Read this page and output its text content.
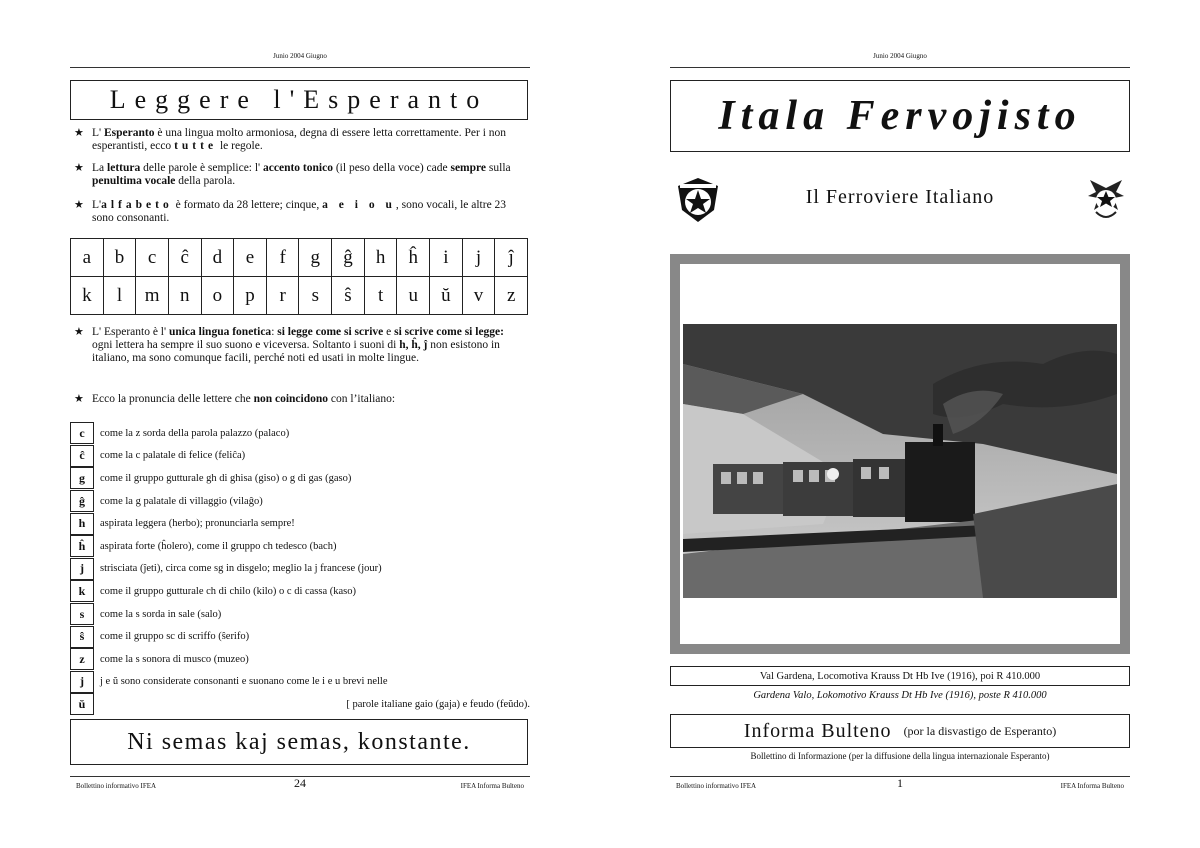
Junio 2004 Giugno
Leggere l'Esperanto
★ L' Esperanto è una lingua molto armoniosa, degna di essere letta correttamente. Per i non esperantisti, ecco tutte le regole.
★ La lettura delle parole è semplice: l' accento tonico (il peso della voce) cade sempre sulla penultima vocale della parola.
★ L'alfabeto è formato da 28 lettere; cinque, a e i o u, sono vocali, le altre 23 sono consonanti.
a	b	c	ĉ	d	e	f	g	ĝ	h	ĥ	i	j	ĵ
k	l	m	n	o	p	r	s	ŝ	t	u	ŭ	v	z
★ L' Esperanto è l' unica lingua fonetica: si legge come si scrive e si scrive come si legge: ogni lettera ha sempre il suo suono e viceversa. Soltanto i suoni di h, ĥ, ĵ non esistono in italiano, ma sono comunque facili, perché noti ed usati in molte lingue.
★ Ecco la pronuncia delle lettere che non coincidono con l’italiano:
c	come la z sorda della parola palazzo (palaco)
ĉ	come la c palatale di felice (feliĉa)
g	come il gruppo gutturale gh di ghisa (giso) o g di gas (gaso)
ĝ	come la g palatale di villaggio (vilaĝo)
h	aspirata leggera (herbo); pronunciarla sempre!
ĥ	aspirata forte (ĥolero), come il gruppo ch tedesco (bach)
j	strisciata (ĵeti), circa come sg in disgelo; meglio la j francese (jour)
k	come il gruppo gutturale ch di chilo (kilo) o c di cassa (kaso)
s	come la s sorda in sale (salo)
ŝ	come il gruppo sc di scriffo (ŝerifo)
z	come la s sonora di musco (muzeo)
j	j e ŭ sono considerate consonanti e suonano come le i e u brevi nelle
ŭ	[ parole italiane gaio (gaja) e feudo (feŭdo).
Ni semas kaj semas, konstante.
Bollettino informativo IFEA	24	IFEA Informa Bulteno
Junio 2004 Giugno
Itala Fervojisto
Il Ferroviere Italiano
Val Gardena, Locomotiva Krauss Dt Hb Ive (1916), poi R 410.000
Gardena Valo, Lokomotivo Krauss Dt Hb Ive (1916), poste R 410.000
Informa Bulteno (por la disvastigo de Esperanto)
Bollettino di Informazione (per la diffusione della lingua internazionale Esperanto)
Bollettino informativo IFEA	1	IFEA Informa Bulteno
